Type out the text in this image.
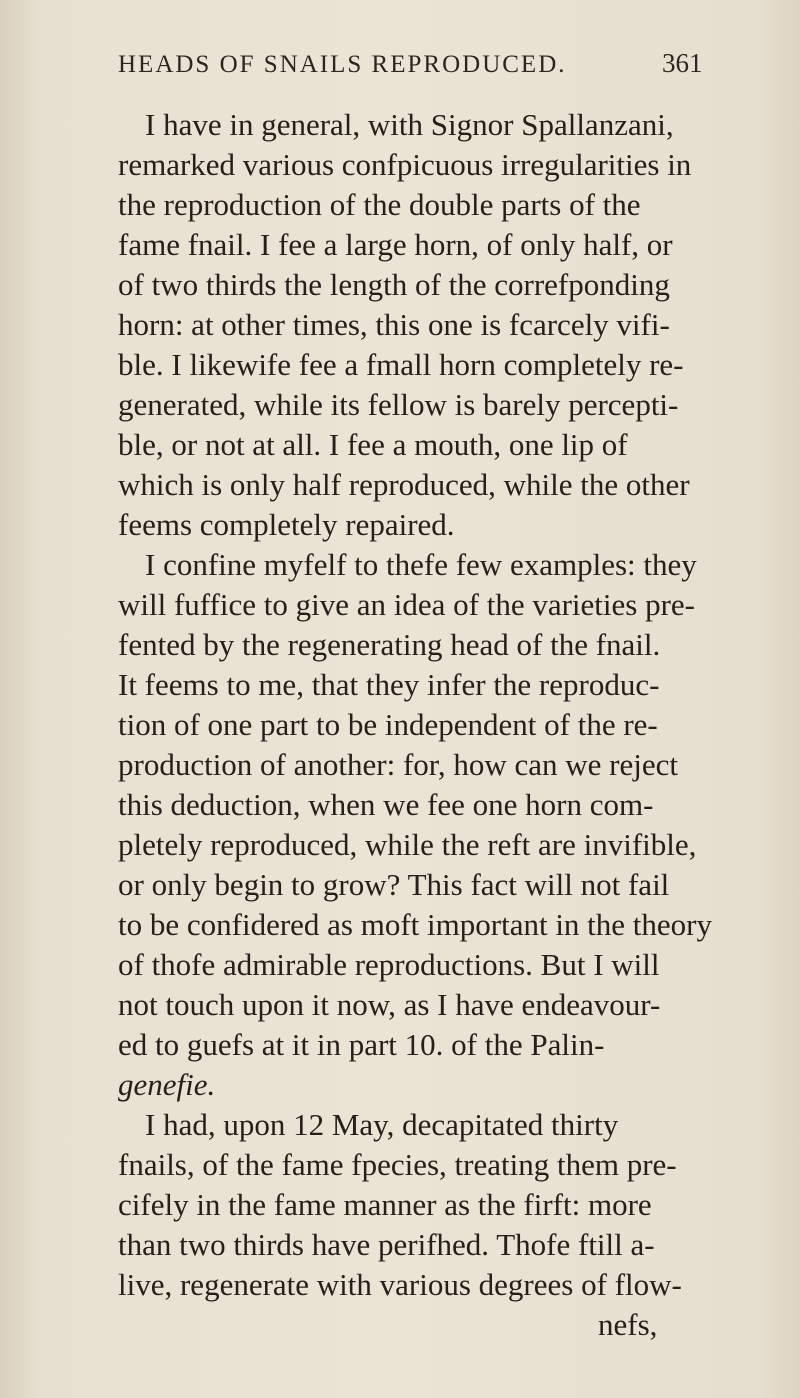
HEADS OF SNAILS REPRODUCED.	361
I have in general, with Signor Spallanzani,
remarked various confpicuous irregularities in
the reproduction of the double parts of the
fame fnail. I fee a large horn, of only half, or
of two thirds the length of the correfponding
horn: at other times, this one is fcarcely vifi-
ble. I likewife fee a fmall horn completely re-
generated, while its fellow is barely percepti-
ble, or not at all. I fee a mouth, one lip of
which is only half reproduced, while the other
feems completely repaired.
I confine myfelf to thefe few examples: they
will fuffice to give an idea of the varieties pre-
fented by the regenerating head of the fnail.
It feems to me, that they infer the reproduc-
tion of one part to be independent of the re-
production of another: for, how can we reject
this deduction, when we fee one horn com-
pletely reproduced, while the reft are invifible,
or only begin to grow? This fact will not fail
to be confidered as moft important in the theory
of thofe admirable reproductions. But I will
not touch upon it now, as I have endeavour-
ed to guefs at it in part 10. of the Palin-
genefie.
I had, upon 12 May, decapitated thirty
fnails, of the fame fpecies, treating them pre-
cifely in the fame manner as the firft: more
than two thirds have perifhed. Thofe ftill a-
live, regenerate with various degrees of flow-
nefs,
